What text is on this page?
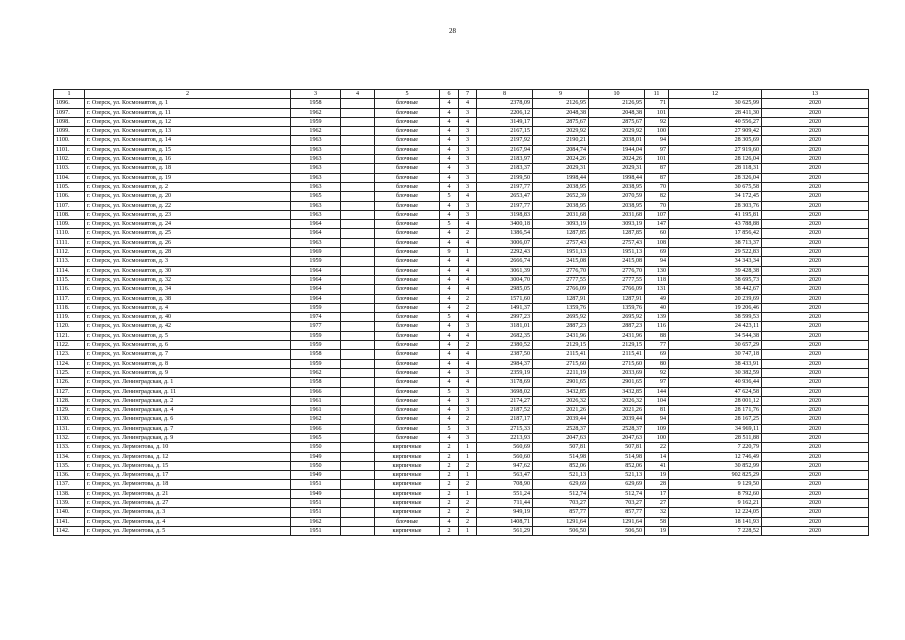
28
1	2	3	4	5	6	7	8	9	10	11	12	13
1096.	г. Озерск, ул. Космонавтов, д. 1	1958		блочные	4	4	2378,09	2126,95	2126,95	71	30 625,99	2020
1097.	г. Озерск, ул. Космонавтов, д. 11	1962		блочные	4	3	2206,12	2048,38	2048,38	101	28 411,30	2020
1098.	г. Озерск, ул. Космонавтов, д. 12	1959		блочные	4	4	3149,17	2875,67	2875,67	92	40 556,27	2020
1099.	г. Озерск, ул. Космонавтов, д. 13	1962		блочные	4	3	2167,15	2029,92	2029,92	100	27 909,42	2020
1100.	г. Озерск, ул. Космонавтов, д. 14	1963		блочные	4	3	2197,92	2190,21	2038,01	94	28 305,69	2020
1101.	г. Озерск, ул. Космонавтов, д. 15	1963		блочные	4	3	2167,94	2084,74	1944,04	97	27 919,60	2020
1102.	г. Озерск, ул. Космонавтов, д. 16	1963		блочные	4	3	2183,97	2024,26	2024,26	101	28 126,04	2020
1103.	г. Озерск, ул. Космонавтов, д. 18	1963		блочные	4	3	2183,37	2029,31	2029,31	87	28 118,31	2020
1104.	г. Озерск, ул. Космонавтов, д. 19	1963		блочные	4	3	2199,50	1998,44	1998,44	87	28 326,04	2020
1105.	г. Озерск, ул. Космонавтов, д. 2	1963		блочные	4	3	2197,77	2038,95	2038,95	70	30 675,58	2020
1106.	г. Озерск, ул. Космонавтов, д. 20	1965		блочные	5	4	2653,47	2652,39	2070,59	82	34 172,45	2020
1107.	г. Озерск, ул. Космонавтов, д. 22	1963		блочные	4	3	2197,77	2038,95	2038,95	70	28 303,76	2020
1108.	г. Озерск, ул. Космонавтов, д. 23	1963		блочные	4	3	3198,83	2031,68	2031,68	107	41 195,81	2020
1109.	г. Озерск, ул. Космонавтов, д. 24	1964		блочные	5	4	3400,18	3093,19	3093,19	147	43 788,88	2020
1110.	г. Озерск, ул. Космонавтов, д. 25	1964		блочные	4	2	1386,54	1287,85	1287,85	60	17 856,42	2020
1111.	г. Озерск, ул. Космонавтов, д. 26	1963		блочные	4	4	3006,07	2757,43	2757,43	108	38 713,37	2020
1112.	г. Озерск, ул. Космонавтов, д. 28	1969		блочные	9	1	2292,43	1951,13	1951,13	69	29 522,83	2020
1113.	г. Озерск, ул. Космонавтов, д. 3	1959		блочные	4	4	2666,74	2415,08	2415,08	94	34 343,34	2020
1114.	г. Озерск, ул. Космонавтов, д. 30	1964		блочные	4	4	3061,39	2776,70	2776,70	130	39 428,38	2020
1115.	г. Озерск, ул. Космонавтов, д. 32	1964		блочные	4	4	3004,70	2777,55	2777,55	118	38 695,73	2020
1116.	г. Озерск, ул. Космонавтов, д. 34	1964		блочные	4	4	2985,05	2766,09	2766,09	131	38 442,67	2020
1117.	г. Озерск, ул. Космонавтов, д. 38	1964		блочные	4	2	1571,60	1287,91	1287,91	49	20 239,69	2020
1118.	г. Озерск, ул. Космонавтов, д. 4	1959		блочные	4	2	1491,37	1359,76	1359,76	40	19 206,46	2020
1119.	г. Озерск, ул. Космонавтов, д. 40	1974		блочные	5	4	2997,23	2695,92	2695,92	139	38 599,53	2020
1120.	г. Озерск, ул. Космонавтов, д. 42	1977		блочные	4	3	3181,01	2887,23	2887,23	116	24 423,11	2020
1121.	г. Озерск, ул. Космонавтов, д. 5	1959		блочные	4	4	2682,35	2431,96	2431,96	88	34 544,38	2020
1122.	г. Озерск, ул. Космонавтов, д. 6	1959		блочные	4	2	2380,52	2129,15	2129,15	77	30 657,29	2020
1123.	г. Озерск, ул. Космонавтов, д. 7	1958		блочные	4	4	2387,50	2115,41	2115,41	69	30 747,18	2020
1124.	г. Озерск, ул. Космонавтов, д. 8	1959		блочные	4	4	2984,37	2715,60	2715,60	80	38 433,91	2020
1125.	г. Озерск, ул. Космонавтов, д. 9	1962		блочные	4	3	2359,19	2211,19	2033,69	92	30 382,59	2020
1126.	г. Озерск, ул. Ленинградская, д. 1	1958		блочные	4	4	3178,69	2901,65	2901,65	97	40 936,44	2020
1127.	г. Озерск, ул. Ленинградская, д. 11	1966		блочные	5	3	3698,02	3432,85	3432,85	144	47 624,58	2020
1128.	г. Озерск, ул. Ленинградская, д. 2	1961		блочные	4	3	2174,27	2026,32	2026,32	104	28 001,12	2020
1129.	г. Озерск, ул. Ленинградская, д. 4	1961		блочные	4	3	2187,52	2021,26	2021,26	81	28 171,76	2020
1130.	г. Озерск, ул. Ленинградская, д. 6	1962		блочные	4	2	2187,17	2039,44	2039,44	94	28 167,25	2020
1131.	г. Озерск, ул. Ленинградская, д. 7	1966		блочные	5	3	2715,33	2528,37	2528,37	109	34 969,11	2020
1132.	г. Озерск, ул. Ленинградская, д. 9	1965		блочные	4	3	2213,93	2047,63	2047,63	100	28 511,88	2020
1133.	г. Озерск, ул. Лермонтова, д. 10	1950		кирпичные	2	1	560,69	507,81	507,81	22	7 220,79	2020
1134.	г. Озерск, ул. Лермонтова, д. 12	1949		кирпичные	2	1	560,60	514,98	514,98	14	12 746,49	2020
1135.	г. Озерск, ул. Лермонтова, д. 15	1950		кирпичные	2	2	947,62	852,06	852,06	41	30 852,99	2020
1136.	г. Озерск, ул. Лермонтова, д. 17	1949		кирпичные	2	1	563,47	521,13	521,13	19	902 825,29	2020
1137.	г. Озерск, ул. Лермонтова, д. 18	1951		кирпичные	2	2	708,90	629,69	629,69	28	9 129,50	2020
1138.	г. Озерск, ул. Лермонтова, д. 21	1949		кирпичные	2	1	551,24	512,74	512,74	17	8 792,60	2020
1139.	г. Озерск, ул. Лермонтова, д. 27	1951		кирпичные	2	2	711,44	703,27	703,27	27	9 162,21	2020
1140.	г. Озерск, ул. Лермонтова, д. 3	1951		кирпичные	2	2	949,19	857,77	857,77	32	12 224,05	2020
1141.	г. Озерск, ул. Лермонтова, д. 4	1962		блочные	4	2	1408,71	1291,64	1291,64	58	18 141,93	2020
1142.	г. Озерск, ул. Лермонтова, д. 5	1951		кирпичные	2	1	561,29	506,50	506,50	19	7 228,52	2020
